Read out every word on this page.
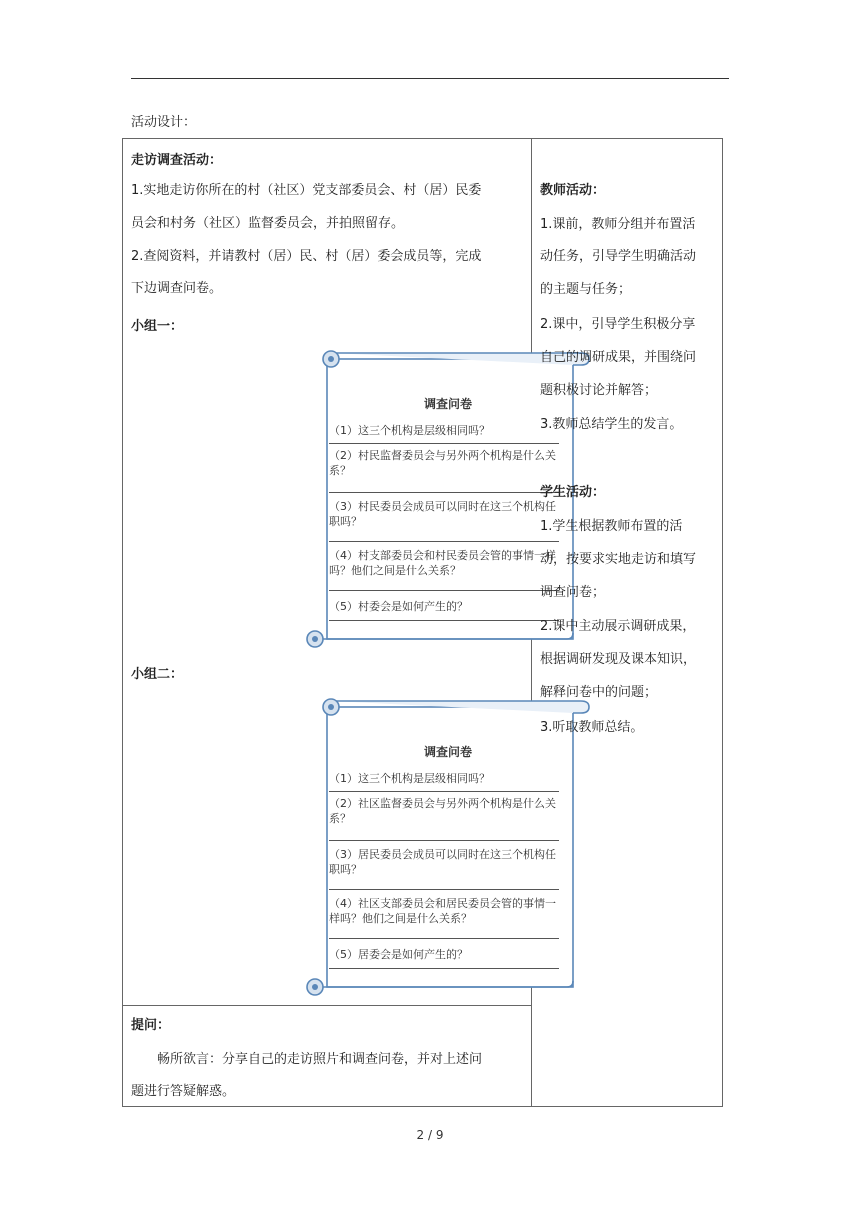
活动设计：
走访调查活动：
1.实地走访你所在的村（社区）党支部委员会、村（居）民委
员会和村务（社区）监督委员会，并拍照留存。
2.查阅资料，并请教村（居）民、村（居）委会成员等，完成
下边调查问卷。
小组一：
调查问卷
（1）这三个机构是层级相同吗？
（2）村民监督委员会与另外两个机构是什么关系？
（3）村民委员会成员可以同时在这三个机构任职吗？
（4）村支部委员会和村民委员会管的事情一样吗？他们之间是什么关系？
（5）村委会是如何产生的？
小组二：
调查问卷
（1）这三个机构是层级相同吗？
（2）社区监督委员会与另外两个机构是什么关系？
（3）居民委员会成员可以同时在这三个机构任职吗？
（4）社区支部委员会和居民委员会管的事情一样吗？他们之间是什么关系？
（5）居委会是如何产生的？

教师活动：
1.课前，教师分组并布置活
动任务，引导学生明确活动
的主题与任务；
2.课中，引导学生积极分享
自己的调研成果，并围绕问
题积极讨论并解答；
3.教师总结学生的发言。
学生活动：
1.学生根据教师布置的活
动，按要求实地走访和填写
调查问卷；
2.课中主动展示调研成果，
根据调研发现及课本知识，
解释问卷中的问题；
3.听取教师总结。

提问：
畅所欲言：分享自己的走访照片和调查问卷，并对上述问
题进行答疑解惑。
2 / 9
